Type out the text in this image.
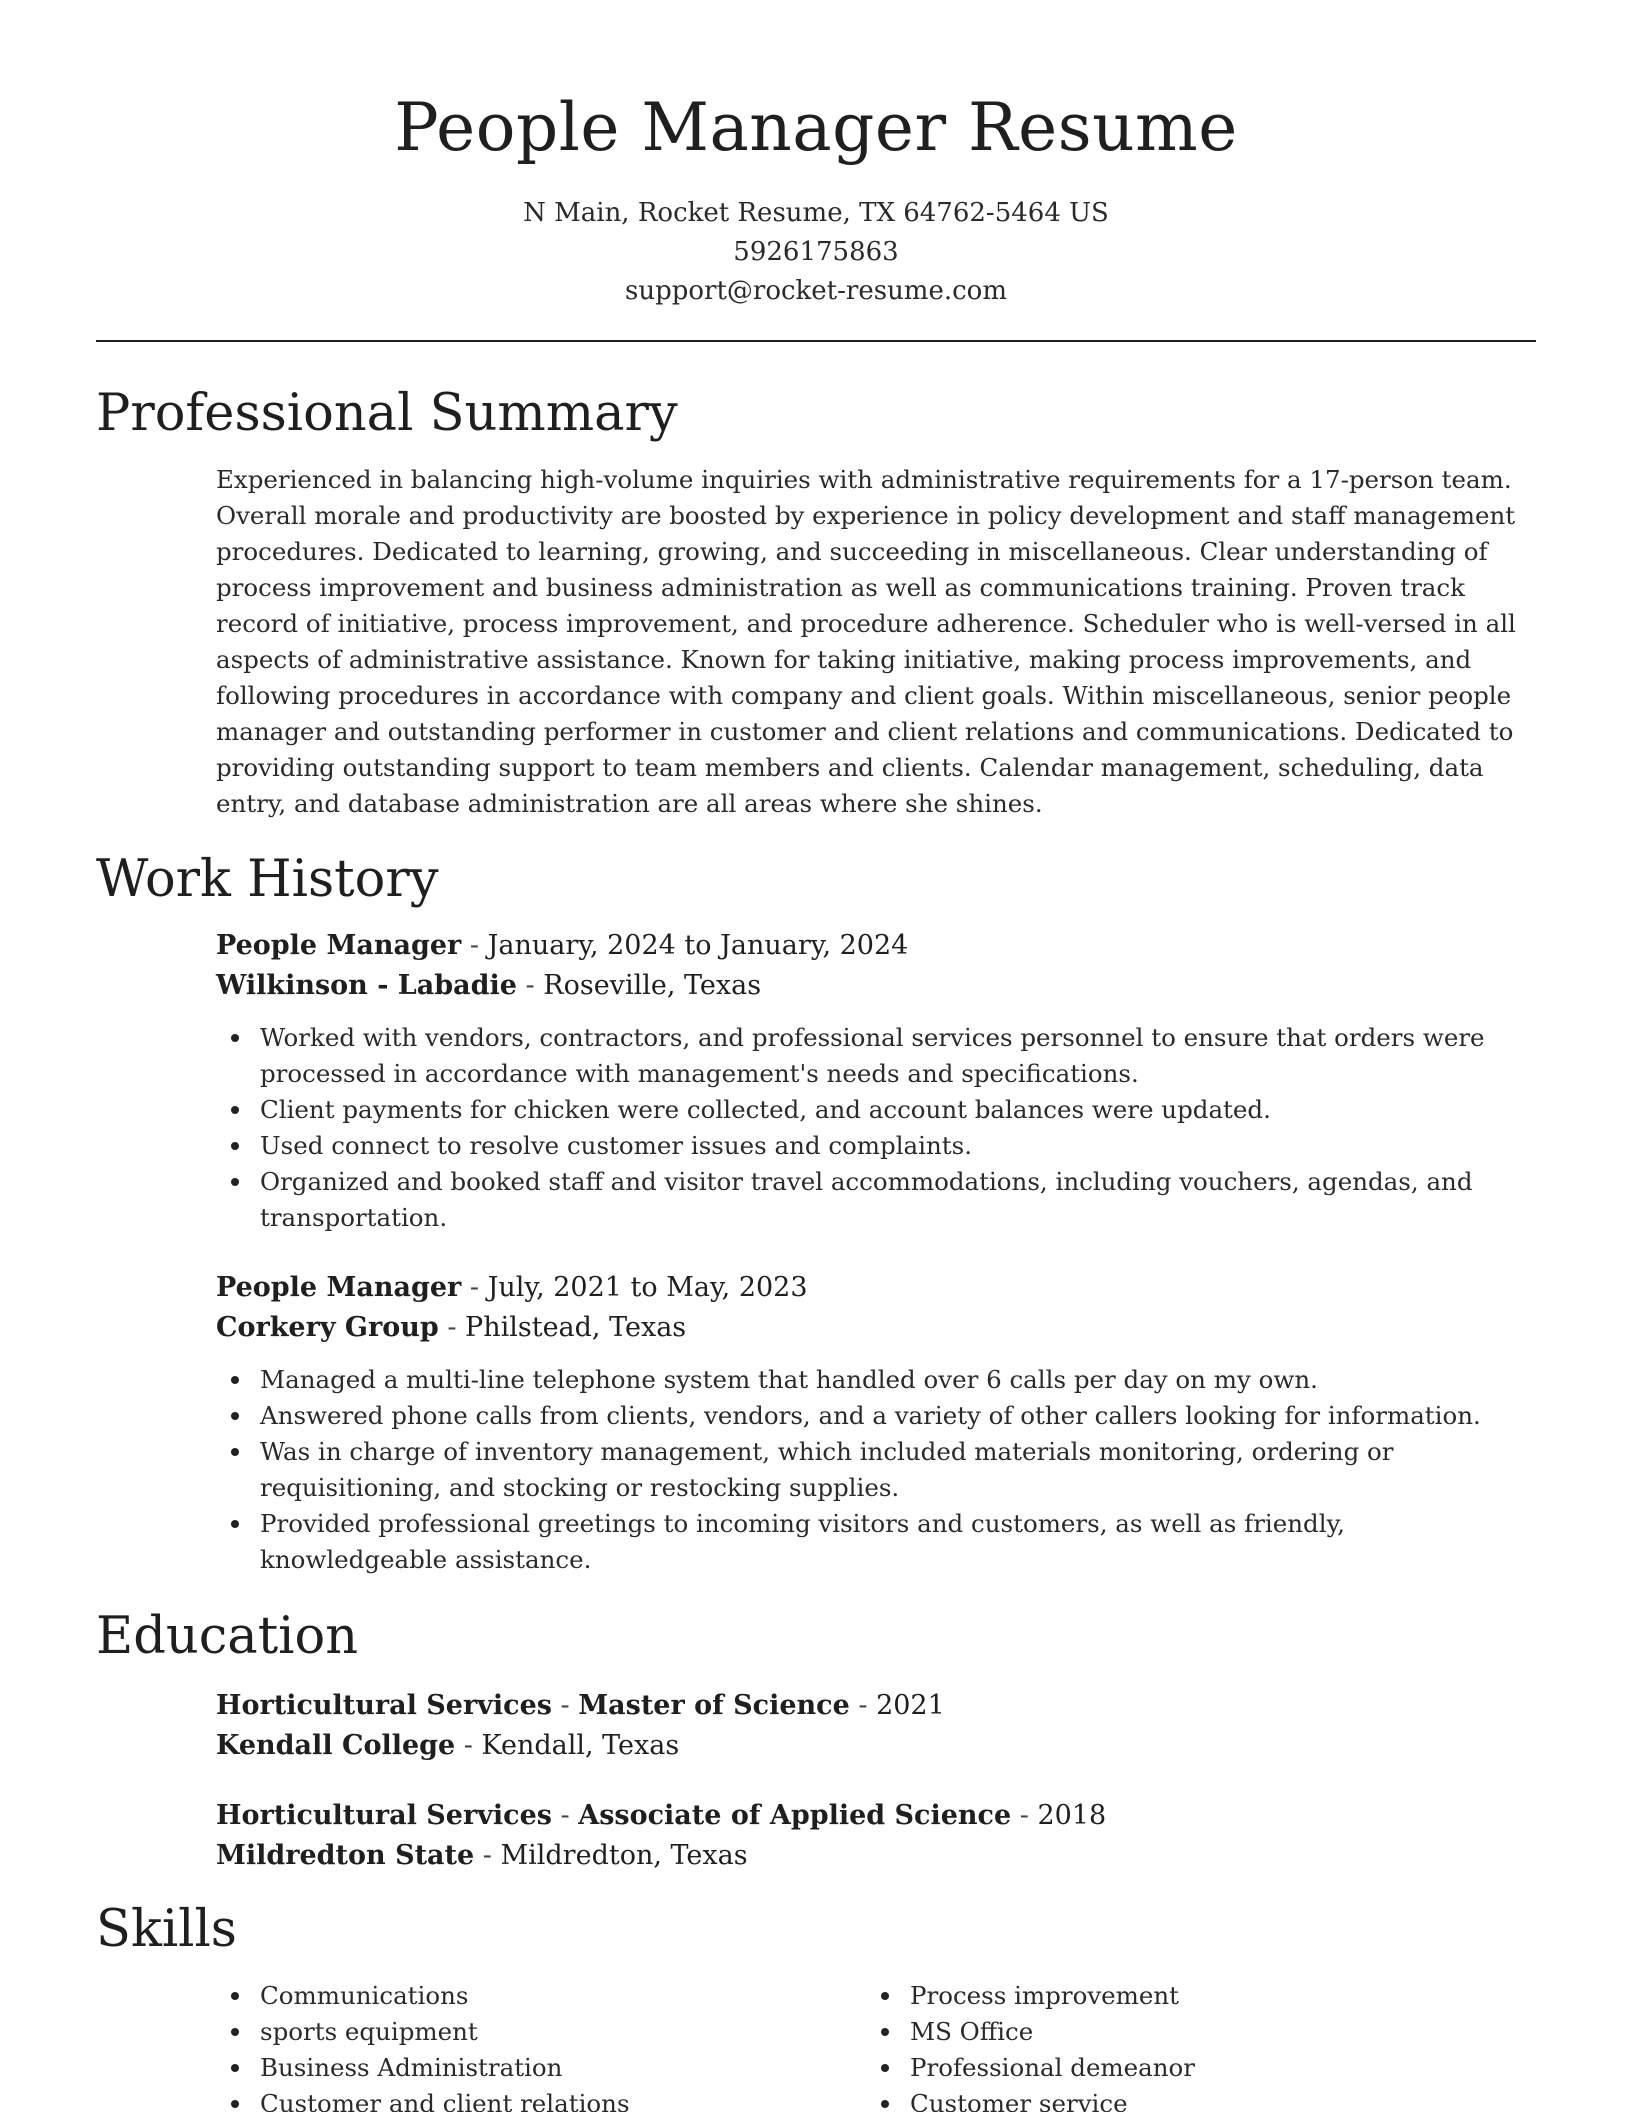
People Manager Resume
N Main, Rocket Resume, TX 64762-5464 US
5926175863
support@rocket-resume.com
Professional Summary

Experienced in balancing high-volume inquiries with administrative requirements for a 17-person team. Overall morale and productivity are boosted by experience in policy development and staff management procedures. Dedicated to learning, growing, and succeeding in miscellaneous. Clear understanding of process improvement and business administration as well as communications training. Proven track record of initiative, process improvement, and procedure adherence. Scheduler who is well-versed in all aspects of administrative assistance. Known for taking initiative, making process improvements, and following procedures in accordance with company and client goals. Within miscellaneous, senior people manager and outstanding performer in customer and client relations and communications. Dedicated to providing outstanding support to team members and clients. Calendar management, scheduling, data entry, and database administration are all areas where she shines.

Work History
People Manager - January, 2024 to January, 2024
Wilkinson - Labadie - Roseville, Texas
Worked with vendors, contractors, and professional services personnel to ensure that orders were processed in accordance with management's needs and specifications.
Client payments for chicken were collected, and account balances were updated.
Used connect to resolve customer issues and complaints.
Organized and booked staff and visitor travel accommodations, including vouchers, agendas, and transportation.
People Manager - July, 2021 to May, 2023
Corkery Group - Philstead, Texas
Managed a multi-line telephone system that handled over 6 calls per day on my own.
Answered phone calls from clients, vendors, and a variety of other callers looking for information.
Was in charge of inventory management, which included materials monitoring, ordering or requisitioning, and stocking or restocking supplies.
Provided professional greetings to incoming visitors and customers, as well as friendly, knowledgeable assistance.
Education
Horticultural Services - Master of Science - 2021
Kendall College - Kendall, Texas
Horticultural Services - Associate of Applied Science - 2018
Mildredton State - Mildredton, Texas
Skills
Communications
sports equipment
Business Administration
Customer and client relations
Process improvement
MS Office
Professional demeanor
Customer service
